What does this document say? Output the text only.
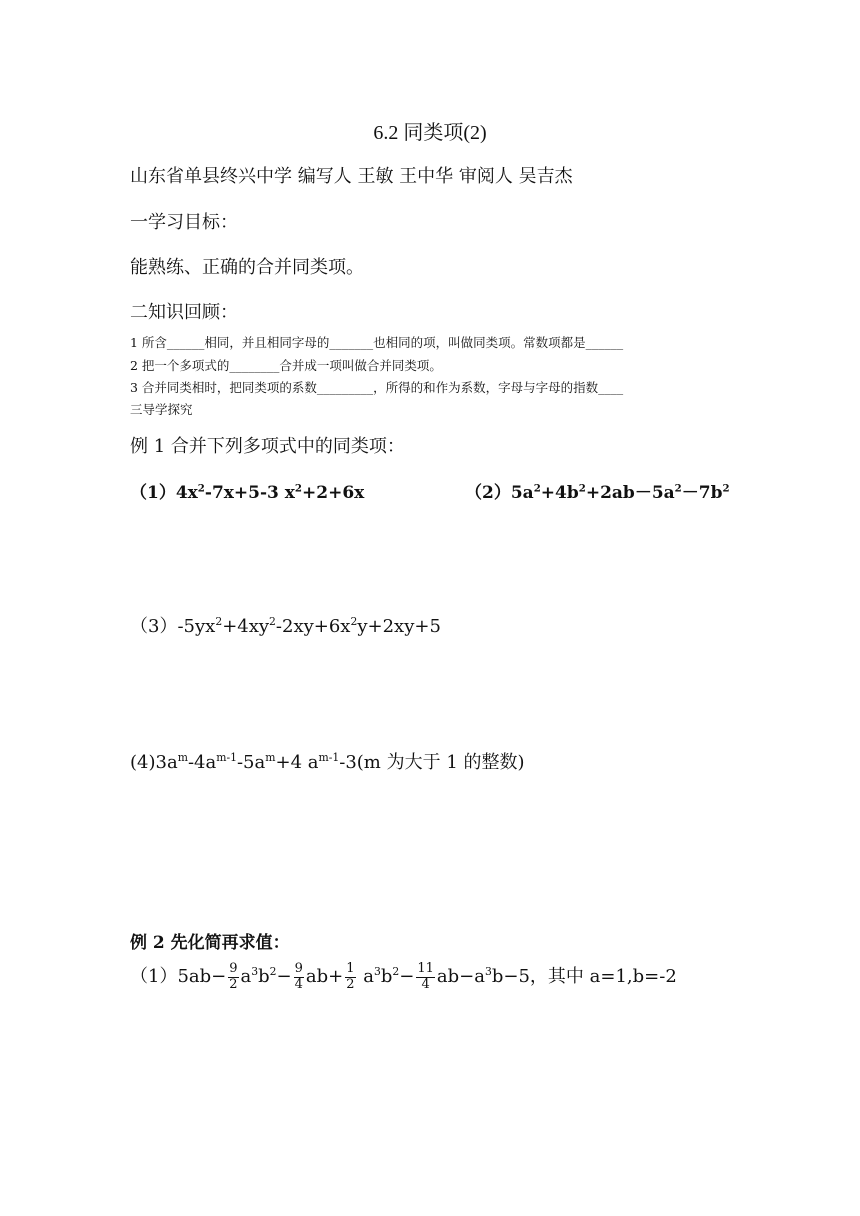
6.2 同类项(2)
山东省单县终兴中学 编写人 王敏 王中华 审阅人 吴吉杰
一学习目标：
能熟练、正确的合并同类项。
二知识回顾：
1 所含______相同，并且相同字母的_______也相同的项，叫做同类项。常数项都是______
2 把一个多项式的________合并成一项叫做合并同类项。
3 合并同类相时，把同类项的系数_________，所得的和作为系数，字母与字母的指数____
三导学探究
例 1 合并下列多项式中的同类项：
$(1)4x^2-7x+5-3$ $x^2+2+6x$	$(2)5a^2+4b^2+2ab-5a^2-7b^2$
$(3)-5yx^2+4xy^2-2xy+6x^2y+2xy+5$
$(4)3a^m-4a^{m-1}-5a^m+4$ $a^{m-1}-3(m$ 为大于 1 的整数)
例 2 先化简再求值：
$(1)5ab- \frac{9}{2} a^3b^2- \frac{9}{4} ab+ \frac{1}{2} a^3b^2- \frac{11}{4} ab-a^3b-5$，其中 a=1,b=-2
